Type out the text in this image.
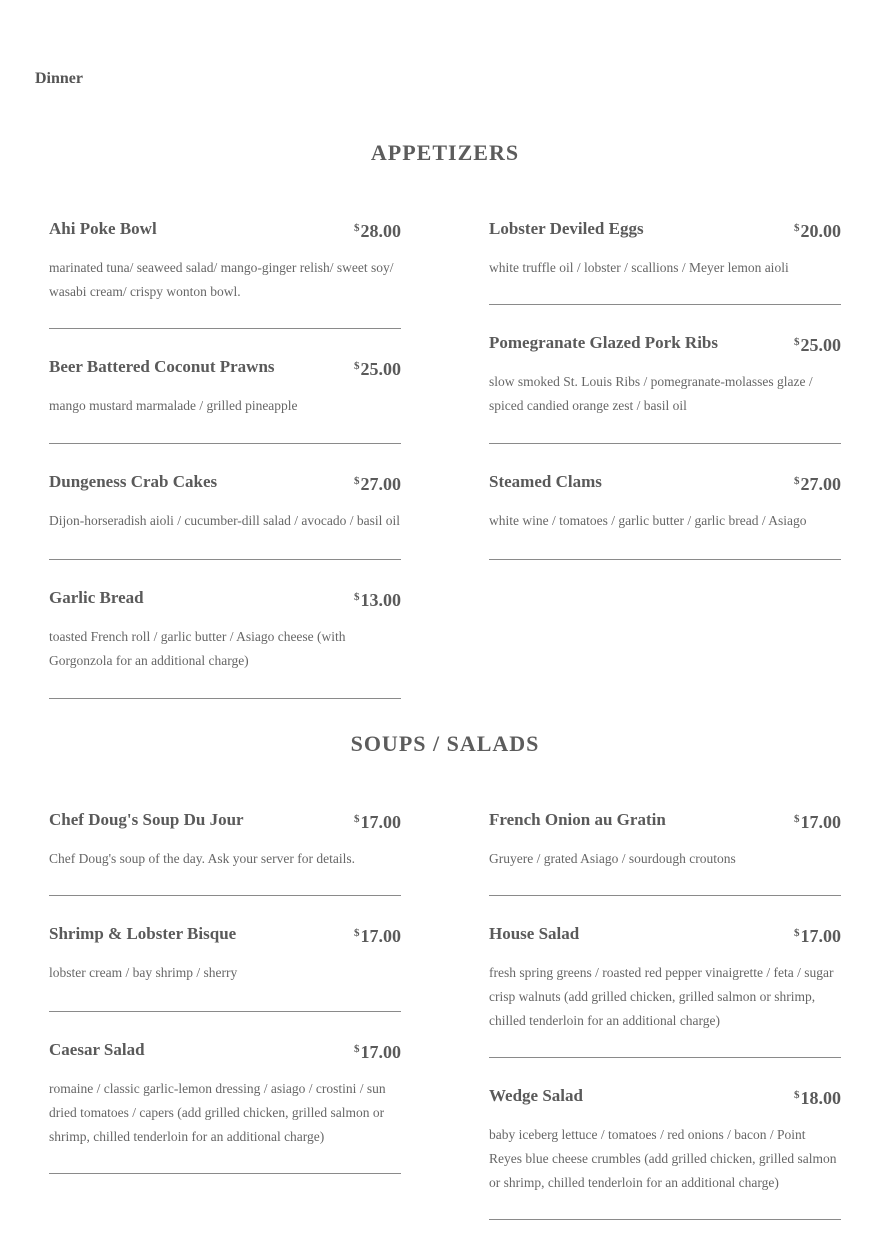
Dinner
APPETIZERS
Ahi Poke Bowl	$28.00
marinated tuna/ seaweed salad/ mango-ginger relish/ sweet soy/ wasabi cream/ crispy wonton bowl.
Beer Battered Coconut Prawns	$25.00
mango mustard marmalade / grilled pineapple
Dungeness Crab Cakes	$27.00
Dijon-horseradish aioli / cucumber-dill salad / avocado / basil oil
Garlic Bread	$13.00
toasted French roll / garlic butter / Asiago cheese (with Gorgonzola for an additional charge)
Lobster Deviled Eggs	$20.00
white truffle oil / lobster / scallions / Meyer lemon aioli
Pomegranate Glazed Pork Ribs	$25.00
slow smoked St. Louis Ribs / pomegranate-molasses glaze / spiced candied orange zest / basil oil
Steamed Clams	$27.00
white wine / tomatoes / garlic butter / garlic bread / Asiago
SOUPS / SALADS
Chef Doug's Soup Du Jour	$17.00
Chef Doug's soup of the day. Ask your server for details.
Shrimp & Lobster Bisque	$17.00
lobster cream / bay shrimp / sherry
Caesar Salad	$17.00
romaine / classic garlic-lemon dressing / asiago / crostini / sun dried tomatoes / capers (add grilled chicken, grilled salmon or shrimp, chilled tenderloin for an additional charge)
French Onion au Gratin	$17.00
Gruyere / grated Asiago / sourdough croutons
House Salad	$17.00
fresh spring greens / roasted red pepper vinaigrette / feta / sugar crisp walnuts (add grilled chicken, grilled salmon or shrimp, chilled tenderloin for an additional charge)
Wedge Salad	$18.00
baby iceberg lettuce / tomatoes / red onions / bacon / Point Reyes blue cheese crumbles (add grilled chicken, grilled salmon or shrimp, chilled tenderloin for an additional charge)
